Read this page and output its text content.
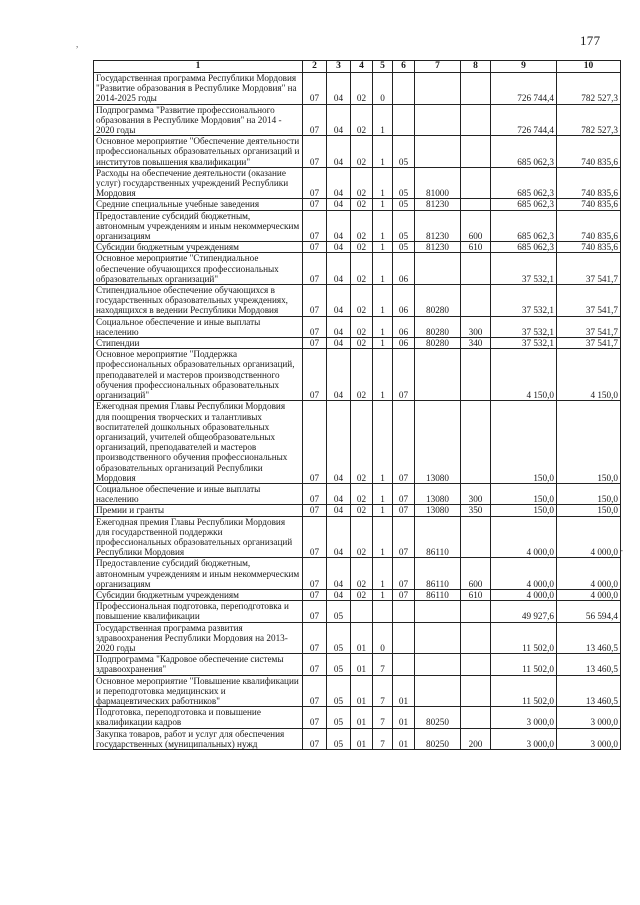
177
,
-
1	2	3	4	5	6	7	8	9	10
Государственная программа Республики Мордовия "Развитие образования в Республике Мордовия" на 2014-2025 годы	07	04	02	0				726 744,4	782 527,3
Подпрограмма "Развитие профессионального образования в Республике Мордовия" на 2014 - 2020 годы	07	04	02	1				726 744,4	782 527,3
Основное мероприятие "Обеспечение деятельности профессиональных образовательных организаций и институтов повышения квалификации"	07	04	02	1	05			685 062,3	740 835,6
Расходы на обеспечение деятельности (оказание услуг) государственных учреждений Республики Мордовия	07	04	02	1	05	81000		685 062,3	740 835,6
Средние специальные учебные заведения	07	04	02	1	05	81230		685 062,3	740 835,6
Предоставление субсидий бюджетным, автономным учреждениям и иным некоммерческим организациям	07	04	02	1	05	81230	600	685 062,3	740 835,6
Субсидии бюджетным учреждениям	07	04	02	1	05	81230	610	685 062,3	740 835,6
Основное мероприятие "Стипендиальное обеспечение обучающихся профессиональных образовательных организаций"	07	04	02	1	06			37 532,1	37 541,7
Стипендиальное обеспечение обучающихся в государственных образовательных учреждениях, находящихся в ведении Республики Мордовия	07	04	02	1	06	80280		37 532,1	37 541,7
Социальное обеспечение и иные выплаты населению	07	04	02	1	06	80280	300	37 532,1	37 541,7
Стипендии	07	04	02	1	06	80280	340	37 532,1	37 541,7
Основное мероприятие "Поддержка профессиональных образовательных организаций, преподавателей и мастеров производственного обучения профессиональных образовательных организаций"	07	04	02	1	07			4 150,0	4 150,0
Ежегодная премия Главы Республики Мордовия для поощрения творческих и талантливых воспитателей дошкольных образовательных организаций, учителей общеобразовательных организаций, преподавателей и мастеров производственного обучения профессиональных образовательных организаций Республики Мордовия	07	04	02	1	07	13080		150,0	150,0
Социальное обеспечение и иные выплаты населению	07	04	02	1	07	13080	300	150,0	150,0
Премии и гранты	07	04	02	1	07	13080	350	150,0	150,0
Ежегодная премия Главы Республики Мордовия для государственной поддержки профессиональных образовательных организаций Республики Мордовия	07	04	02	1	07	86110		4 000,0	4 000,0
Предоставление субсидий бюджетным, автономным учреждениям и иным некоммерческим организациям	07	04	02	1	07	86110	600	4 000,0	4 000,0
Субсидии бюджетным учреждениям	07	04	02	1	07	86110	610	4 000,0	4 000,0
Профессиональная подготовка, переподготовка и повышение квалификации	07	05						49 927,6	56 594,4
Государственная программа развития здравоохранения Республики Мордовия на 2013-2020 годы	07	05	01	0				11 502,0	13 460,5
Подпрограмма "Кадровое обеспечение системы здравоохранения"	07	05	01	7				11 502,0	13 460,5
Основное мероприятие "Повышение квалификации и переподготовка медицинских и фармацевтических работников"	07	05	01	7	01			11 502,0	13 460,5
Подготовка, переподготовка и повышение квалификации кадров	07	05	01	7	01	80250		3 000,0	3 000,0
Закупка товаров, работ и услуг для обеспечения государственных (муниципальных) нужд	07	05	01	7	01	80250	200	3 000,0	3 000,0
